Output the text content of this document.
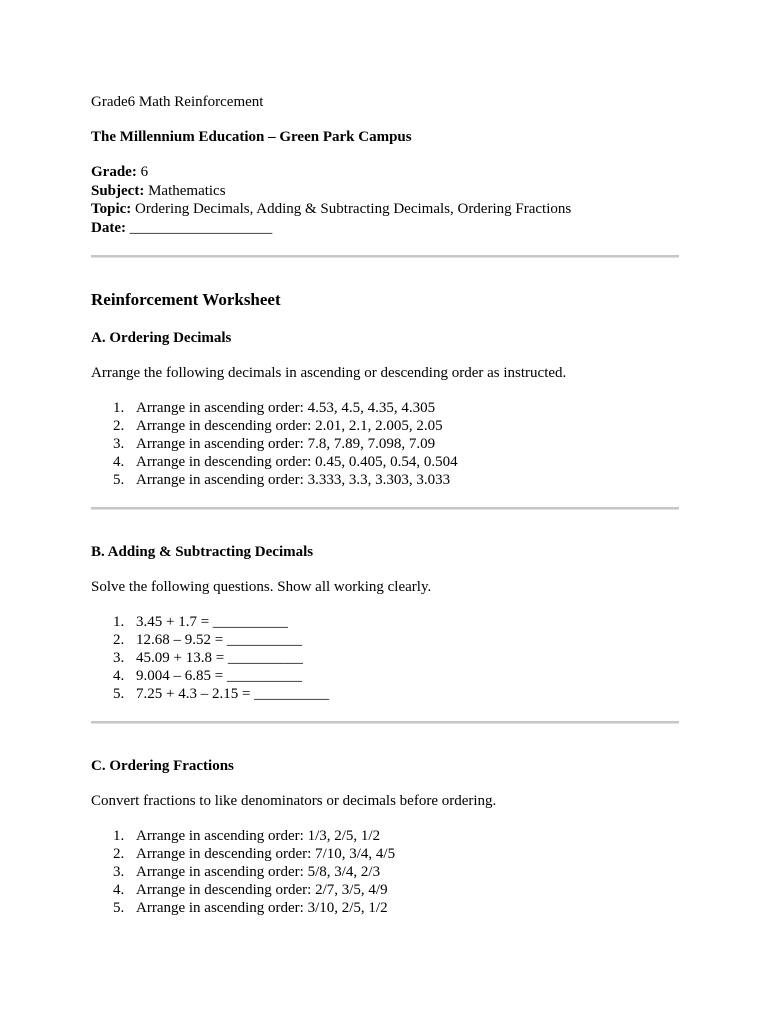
Grade6 Math Reinforcement

The Millennium Education – Green Park Campus

Grade: 6

Subject: Mathematics

Topic: Ordering Decimals, Adding & Subtracting Decimals, Ordering Fractions

Date: ___________________

Reinforcement Worksheet

A. Ordering Decimals

Arrange the following decimals in ascending or descending order as instructed.

1. Arrange in ascending order: 4.53, 4.5, 4.35, 4.305
2. Arrange in descending order: 2.01, 2.1, 2.005, 2.05
3. Arrange in ascending order: 7.8, 7.89, 7.098, 7.09
4. Arrange in descending order: 0.45, 0.405, 0.54, 0.504
5. Arrange in ascending order: 3.333, 3.3, 3.303, 3.033

B. Adding & Subtracting Decimals

Solve the following questions. Show all working clearly.

1. 3.45 + 1.7 = __________
2. 12.68 – 9.52 = __________
3. 45.09 + 13.8 = __________
4. 9.004 – 6.85 = __________
5. 7.25 + 4.3 – 2.15 = __________

C. Ordering Fractions

Convert fractions to like denominators or decimals before ordering.

1. Arrange in ascending order: 1/3, 2/5, 1/2
2. Arrange in descending order: 7/10, 3/4, 4/5
3. Arrange in ascending order: 5/8, 3/4, 2/3
4. Arrange in descending order: 2/7, 3/5, 4/9
5. Arrange in ascending order: 3/10, 2/5, 1/2
